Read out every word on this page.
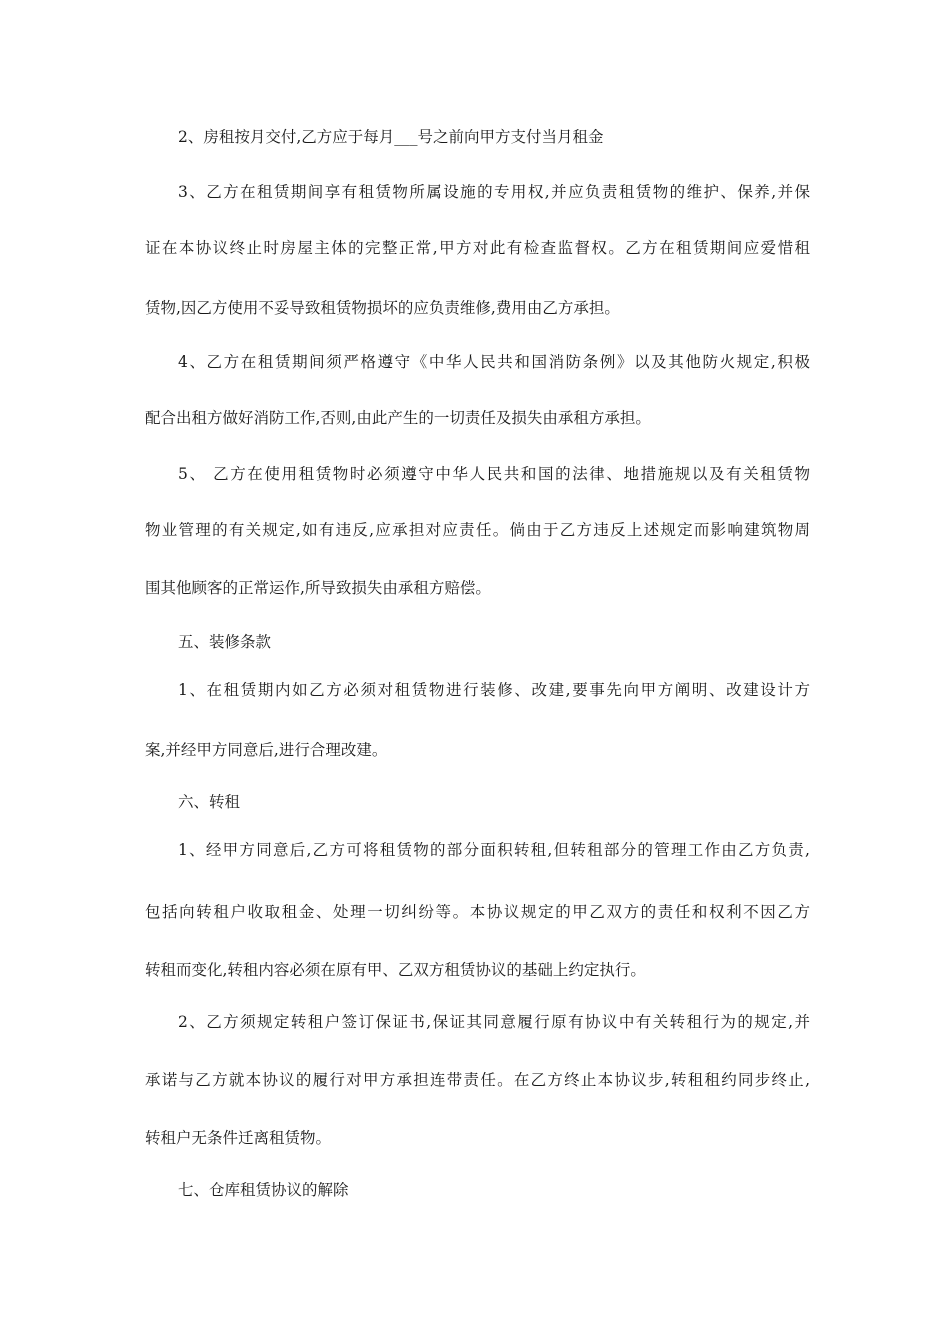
2、房租按月交付,乙方应于每月___号之前向甲方支付当月租金
3、乙方在租赁期间享有租赁物所属设施的专用权,并应负责租赁物的维护、保养,并保
证在本协议终止时房屋主体的完整正常,甲方对此有检查监督权。乙方在租赁期间应爱惜租
赁物,因乙方使用不妥导致租赁物损坏的应负责维修,费用由乙方承担。
4、乙方在租赁期间须严格遵守《中华人民共和国消防条例》以及其他防火规定,积极
配合出租方做好消防工作,否则,由此产生的一切责任及损失由承租方承担。
5、 乙方在使用租赁物时必须遵守中华人民共和国的法律、地措施规以及有关租赁物
物业管理的有关规定,如有违反,应承担对应责任。倘由于乙方违反上述规定而影响建筑物周
围其他顾客的正常运作,所导致损失由承租方赔偿。
五、装修条款
1、在租赁期内如乙方必须对租赁物进行装修、改建,要事先向甲方阐明、改建设计方
案,并经甲方同意后,进行合理改建。
六、转租
1、经甲方同意后,乙方可将租赁物的部分面积转租,但转租部分的管理工作由乙方负责,
包括向转租户收取租金、处理一切纠纷等。本协议规定的甲乙双方的责任和权利不因乙方
转租而变化,转租内容必须在原有甲、乙双方租赁协议的基础上约定执行。
2、乙方须规定转租户签订保证书,保证其同意履行原有协议中有关转租行为的规定,并
承诺与乙方就本协议的履行对甲方承担连带责任。在乙方终止本协议步,转租租约同步终止,
转租户无条件迁离租赁物。
七、仓库租赁协议的解除
